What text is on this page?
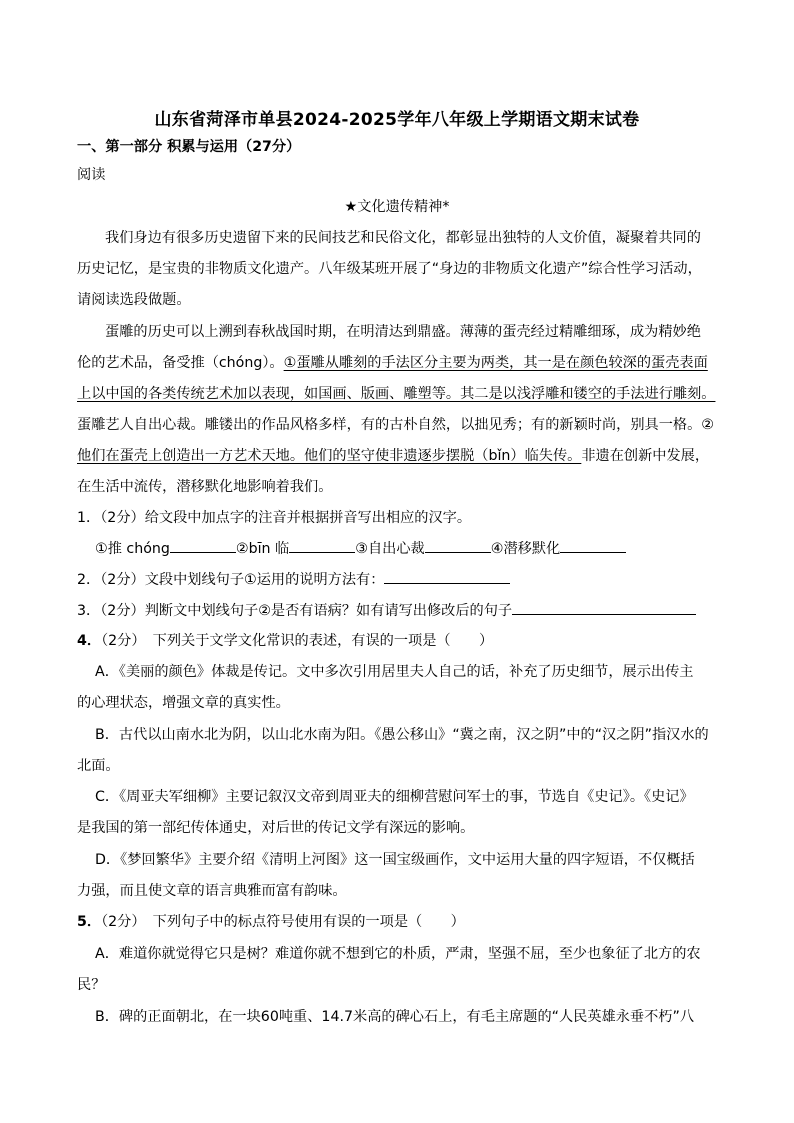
山东省菏泽市单县2024-2025学年八年级上学期语文期末试卷
一、第一部分 积累与运用（27分）
阅读
★文化遗传精神*
我们身边有很多历史遗留下来的民间技艺和民俗文化，都彰显出独特的人文价值，凝聚着共同的
历史记忆，是宝贵的非物质文化遗产。八年级某班开展了“身边的非物质文化遗产”综合性学习活动，
请阅读选段做题。
蛋雕的历史可以上溯到春秋战国时期，在明清达到鼎盛。薄薄的蛋壳经过精雕细琢，成为精妙绝
伦的艺术品，备受推（chóng）。①蛋雕从雕刻的手法区分主要为两类，其一是在颜色较深的蛋壳表面
上以中国的各类传统艺术加以表现，如国画、版画、雕塑等。其二是以浅浮雕和镂空的手法进行雕刻。
蛋雕艺人自出心裁。雕镂出的作品风格多样，有的古朴自然，以拙见秀；有的新颖时尚，别具一格。②
他们在蛋壳上创造出一方艺术天地。他们的坚守使非遗逐步摆脱（bǐn）临失传。非遗在创新中发展，
在生活中流传，潜移默化地影响着我们。
1．（2分）给文段中加点字的注音并根据拼音写出相应的汉字。
①推 chóng	②bīn 临	③自出心裁	④潜移默化
2．（2分）文段中划线句子①运用的说明方法有：
3．（2分）判断文中划线句子②是否有语病？如有请写出修改后的句子
4．（2分）　下列关于文学文化常识的表述，有误的一项是（　　）
A．《美丽的颜色》体裁是传记。文中多次引用居里夫人自己的话，补充了历史细节，展示出传主
的心理状态，增强文章的真实性。
B．古代以山南水北为阴，以山北水南为阳。《愚公移山》“冀之南，汉之阴”中的“汉之阴”指汉水的
北面。
C．《周亚夫军细柳》主要记叙汉文帝到周亚夫的细柳营慰问军士的事，节选自《史记》。《史记》
是我国的第一部纪传体通史，对后世的传记文学有深远的影响。
D．《梦回繁华》主要介绍《清明上河图》这一国宝级画作，文中运用大量的四字短语，不仅概括
力强，而且使文章的语言典雅而富有韵味。
5．（2分）　下列句子中的标点符号使用有误的一项是（　　）
A．难道你就觉得它只是树？难道你就不想到它的朴质，严肃，坚强不屈，至少也象征了北方的农
民？
B．碑的正面朝北，在一块60吨重、14.7米高的碑心石上，有毛主席题的“人民英雄永垂不朽”八
